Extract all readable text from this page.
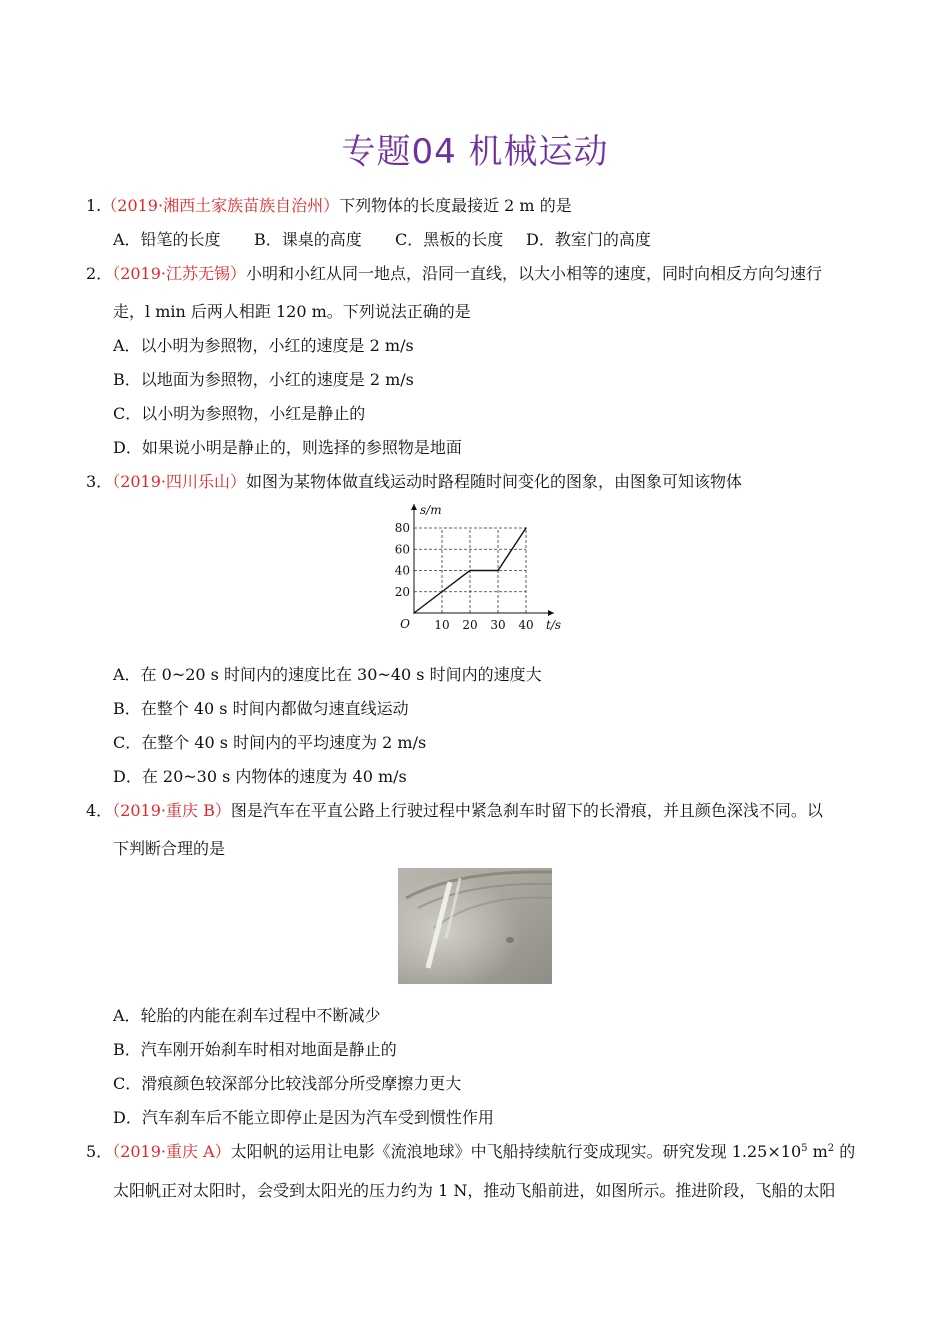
专题04 机械运动
1.（2019·湘西土家族苗族自治州）下列物体的长度最接近 2 m 的是
A．铅笔的长度 B．课桌的高度 C．黑板的长度 D．教室门的高度
2．（2019·江苏无锡）小明和小红从同一地点，沿同一直线，以大小相等的速度，同时向相反方向匀速行
走，l min 后两人相距 120 m。下列说法正确的是
A．以小明为参照物，小红的速度是 2 m/s
B．以地面为参照物，小红的速度是 2 m/s
C．以小明为参照物，小红是静止的
D．如果说小明是静止的，则选择的参照物是地面
3．（2019·四川乐山）如图为某物体做直线运动时路程随时间变化的图象，由图象可知该物体
10 20 30 40
20
40
60
80
O	t/s
s/m
A．在 0~20 s 时间内的速度比在 30~40 s 时间内的速度大
B．在整个 40 s 时间内都做匀速直线运动
C．在整个 40 s 时间内的平均速度为 2 m/s
D．在 20~30 s 内物体的速度为 40 m/s
4．（2019·重庆 B）图是汽车在平直公路上行驶过程中紧急刹车时留下的长滑痕，并且颜色深浅不同。以
下判断合理的是
A．轮胎的内能在刹车过程中不断减少
B．汽车刚开始刹车时相对地面是静止的
C．滑痕颜色较深部分比较浅部分所受摩擦力更大
D．汽车刹车后不能立即停止是因为汽车受到惯性作用
5．（2019·重庆 A）太阳帆的运用让电影《流浪地球》中飞船持续航行变成现实。研究发现 $1.25\times 10^5$ $m^2$ 的
太阳帆正对太阳时，会受到太阳光的压力约为 1 N，推动飞船前进，如图所示。推进阶段，飞船的太阳
